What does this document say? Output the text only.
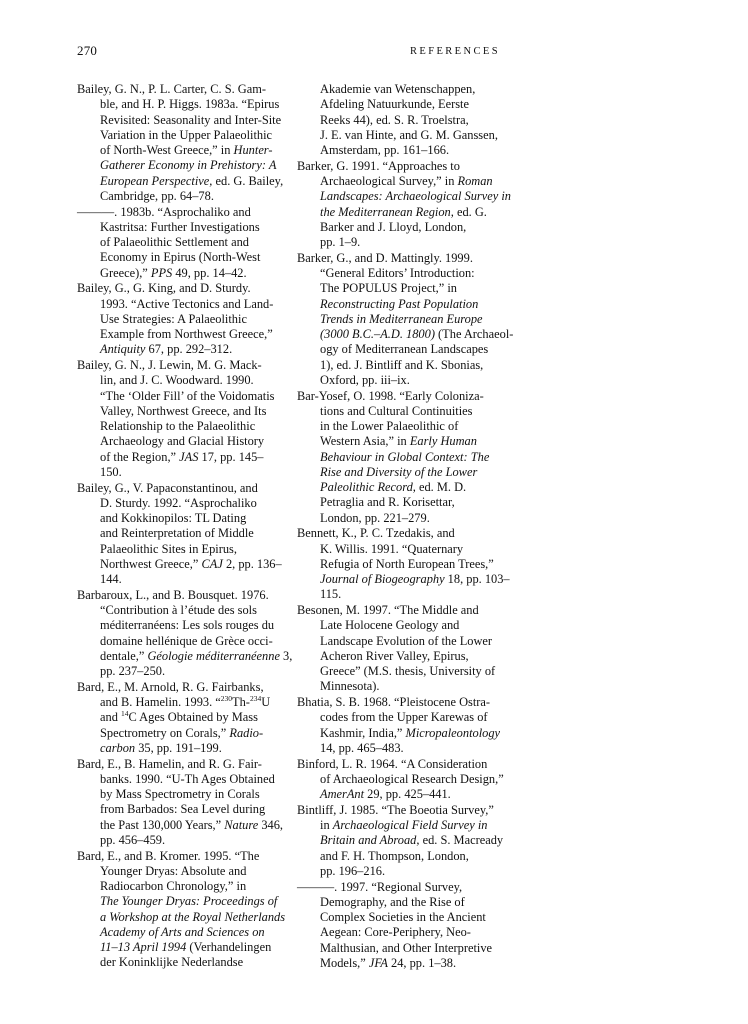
270	REFERENCES
Bailey, G. N., P. L. Carter, C. S. Gam-
ble, and H. P. Higgs. 1983a. “Epirus
Revisited: Seasonality and Inter-Site
Variation in the Upper Palaeolithic
of North-West Greece,” in Hunter-
Gatherer Economy in Prehistory: A
European Perspective, ed. G. Bailey,
Cambridge, pp. 64–78.
———. 1983b. “Asprochaliko and
Kastritsa: Further Investigations
of Palaeolithic Settlement and
Economy in Epirus (North-West
Greece),” PPS 49, pp. 14–42.
Bailey, G., G. King, and D. Sturdy.
1993. “Active Tectonics and Land-
Use Strategies: A Palaeolithic
Example from Northwest Greece,”
Antiquity 67, pp. 292–312.
Bailey, G. N., J. Lewin, M. G. Mack-
lin, and J. C. Woodward. 1990.
“The ‘Older Fill’ of the Voidomatis
Valley, Northwest Greece, and Its
Relationship to the Palaeolithic
Archaeology and Glacial History
of the Region,” JAS 17, pp. 145–
150.
Bailey, G., V. Papaconstantinou, and
D. Sturdy. 1992. “Asprochaliko
and Kokkinopilos: TL Dating
and Reinterpretation of Middle
Palaeolithic Sites in Epirus,
Northwest Greece,” CAJ 2, pp. 136–
144.
Barbaroux, L., and B. Bousquet. 1976.
“Contribution à l’étude des sols
méditerranéens: Les sols rouges du
domaine hellénique de Grèce occi-
dentale,” Géologie méditerranéenne 3,
pp. 237–250.
Bard, E., M. Arnold, R. G. Fairbanks,
and B. Hamelin. 1993. “$^{230}$Th-$^{234}$U
and $^{14}$C Ages Obtained by Mass
Spectrometry on Corals,” Radio-
carbon 35, pp. 191–199.
Bard, E., B. Hamelin, and R. G. Fair-
banks. 1990. “U-Th Ages Obtained
by Mass Spectrometry in Corals
from Barbados: Sea Level during
the Past 130,000 Years,” Nature 346,
pp. 456–459.
Bard, E., and B. Kromer. 1995. “The
Younger Dryas: Absolute and
Radiocarbon Chronology,” in
The Younger Dryas: Proceedings of
a Workshop at the Royal Netherlands
Academy of Arts and Sciences on
11–13 April 1994 (Verhandelingen
der Koninklijke Nederlandse
Akademie van Wetenschappen,
Afdeling Natuurkunde, Eerste
Reeks 44), ed. S. R. Troelstra,
J. E. van Hinte, and G. M. Ganssen,
Amsterdam, pp. 161–166.
Barker, G. 1991. “Approaches to
Archaeological Survey,” in Roman
Landscapes: Archaeological Survey in
the Mediterranean Region, ed. G.
Barker and J. Lloyd, London,
pp. 1–9.
Barker, G., and D. Mattingly. 1999.
“General Editors’ Introduction:
The POPULUS Project,” in
Reconstructing Past Population
Trends in Mediterranean Europe
(3000 B.C.–A.D. 1800) (The Archaeol-
ogy of Mediterranean Landscapes
1), ed. J. Bintliff and K. Sbonias,
Oxford, pp. iii–ix.
Bar-Yosef, O. 1998. “Early Coloniza-
tions and Cultural Continuities
in the Lower Palaeolithic of
Western Asia,” in Early Human
Behaviour in Global Context: The
Rise and Diversity of the Lower
Paleolithic Record, ed. M. D.
Petraglia and R. Korisettar,
London, pp. 221–279.
Bennett, K., P. C. Tzedakis, and
K. Willis. 1991. “Quaternary
Refugia of North European Trees,”
Journal of Biogeography 18, pp. 103–
115.
Besonen, M. 1997. “The Middle and
Late Holocene Geology and
Landscape Evolution of the Lower
Acheron River Valley, Epirus,
Greece” (M.S. thesis, University of
Minnesota).
Bhatia, S. B. 1968. “Pleistocene Ostra-
codes from the Upper Karewas of
Kashmir, India,” Micropaleontology
14, pp. 465–483.
Binford, L. R. 1964. “A Consideration
of Archaeological Research Design,”
AmerAnt 29, pp. 425–441.
Bintliff, J. 1985. “The Boeotia Survey,”
in Archaeological Field Survey in
Britain and Abroad, ed. S. Macready
and F. H. Thompson, London,
pp. 196–216.
———. 1997. “Regional Survey,
Demography, and the Rise of
Complex Societies in the Ancient
Aegean: Core-Periphery, Neo-
Malthusian, and Other Interpretive
Models,” JFA 24, pp. 1–38.
